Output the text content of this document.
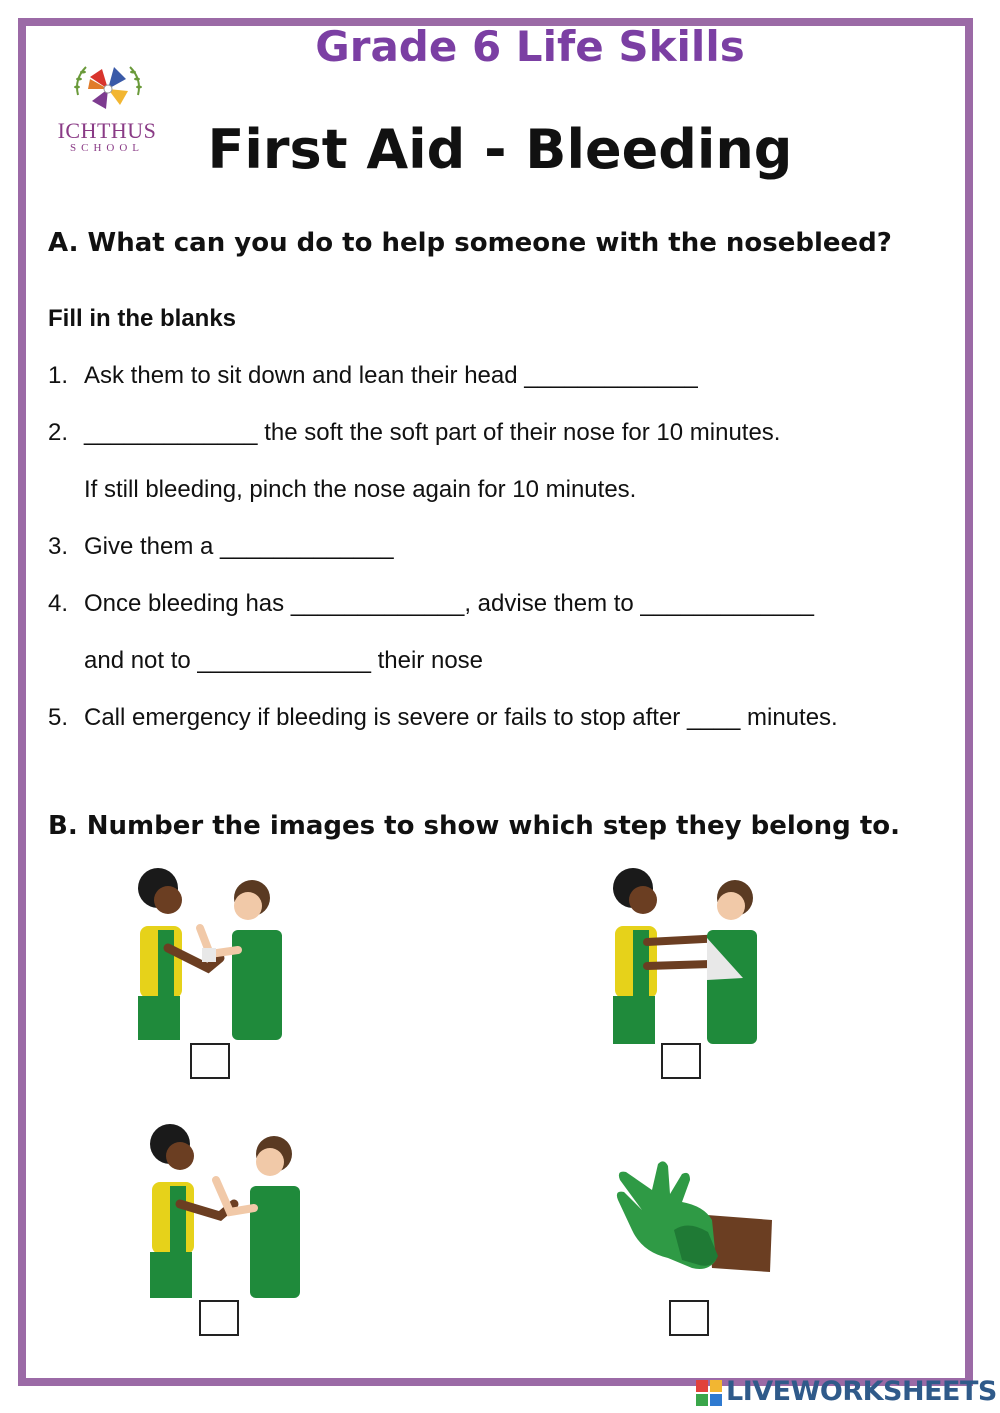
ICHTHUS
SCHOOL
Grade 6 Life Skills
First Aid - Bleeding
A. What can you do to help someone with the nosebleed?
Fill in the blanks
1. Ask them to sit down and lean their head _____________
2. _____________ the soft the soft part of their nose for 10 minutes.
If still bleeding, pinch the nose again for 10 minutes.
3. Give them a _____________
4. Once bleeding has _____________, advise them to _____________
and not to _____________ their nose
5. Call emergency if bleeding is severe or fails to stop after ____ minutes.
B. Number the images to show which step they belong to.
LIVEWORKSHEETS
